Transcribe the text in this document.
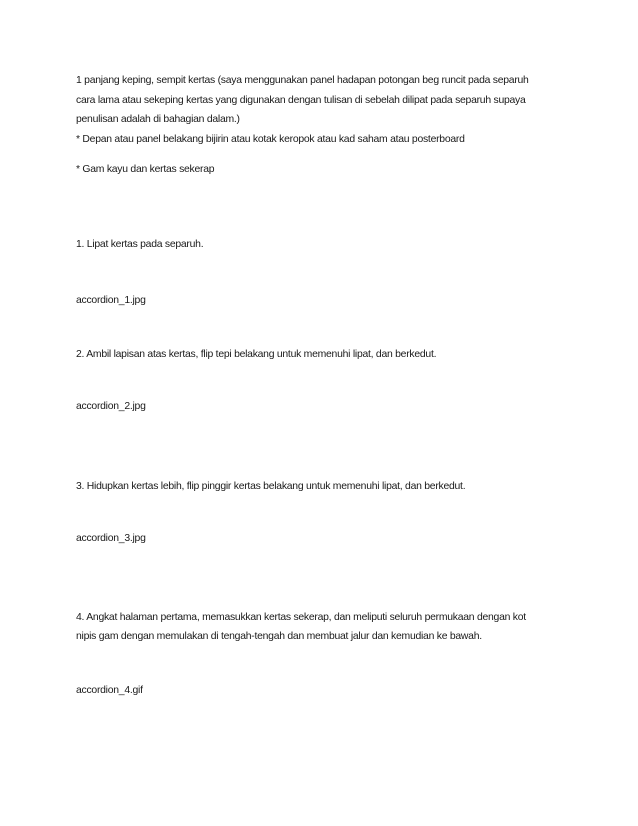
1 panjang keping, sempit kertas (saya menggunakan panel hadapan potongan beg runcit pada separuh
cara lama atau sekeping kertas yang digunakan dengan tulisan di sebelah dilipat pada separuh supaya
penulisan adalah di bahagian dalam.)
* Depan atau panel belakang bijirin atau kotak keropok atau kad saham atau posterboard
* Gam kayu dan kertas sekerap
1. Lipat kertas pada separuh.
accordion_1.jpg
2. Ambil lapisan atas kertas, flip tepi belakang untuk memenuhi lipat, dan berkedut.
accordion_2.jpg
3. Hidupkan kertas lebih, flip pinggir kertas belakang untuk memenuhi lipat, dan berkedut.
accordion_3.jpg
4. Angkat halaman pertama, memasukkan kertas sekerap, dan meliputi seluruh permukaan dengan kot
nipis gam dengan memulakan di tengah-tengah dan membuat jalur dan kemudian ke bawah.
accordion_4.gif
